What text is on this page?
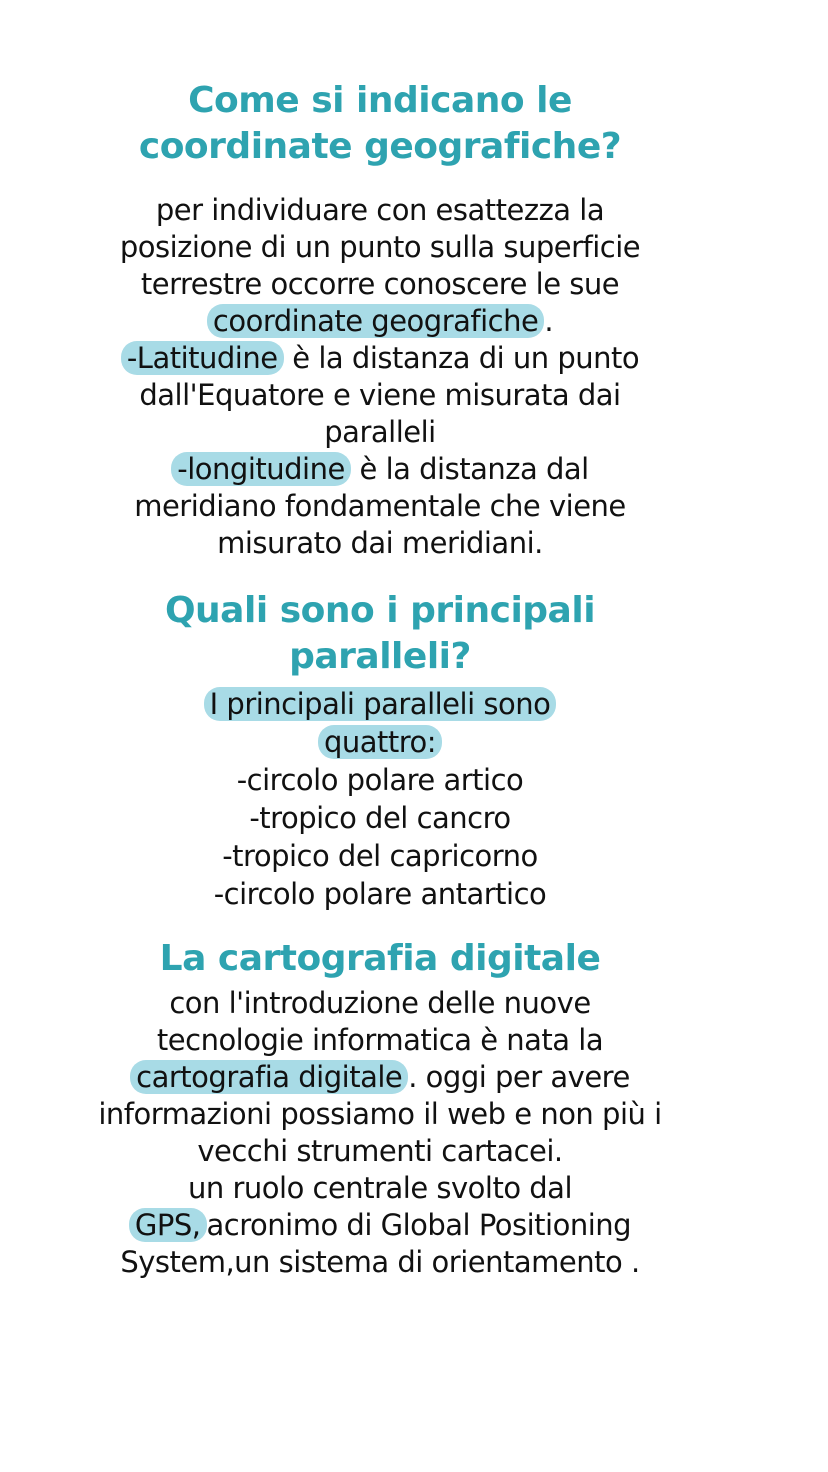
Come si indicano le
coordinate geografiche?
per individuare con esattezza la
posizione di un punto sulla superficie
terrestre occorre conoscere le sue
coordinate geografiche .
-Latitudine è la distanza di un punto
dall'Equatore e viene misurata dai
paralleli
-longitudine è la distanza dal
meridiano fondamentale che viene
misurato dai meridiani.
Quali sono i principali
paralleli?
I principali paralleli sono
quattro:
-circolo polare artico
-tropico del cancro
-tropico del capricorno
-circolo polare antartico
La cartografia digitale
con l'introduzione delle nuove
tecnologie informatica è nata la
cartografia digitale . oggi per avere
informazioni possiamo il web e non più i
vecchi strumenti cartacei.
un ruolo centrale svolto dal
GPS, acronimo di Global Positioning
System,un sistema di orientamento .
